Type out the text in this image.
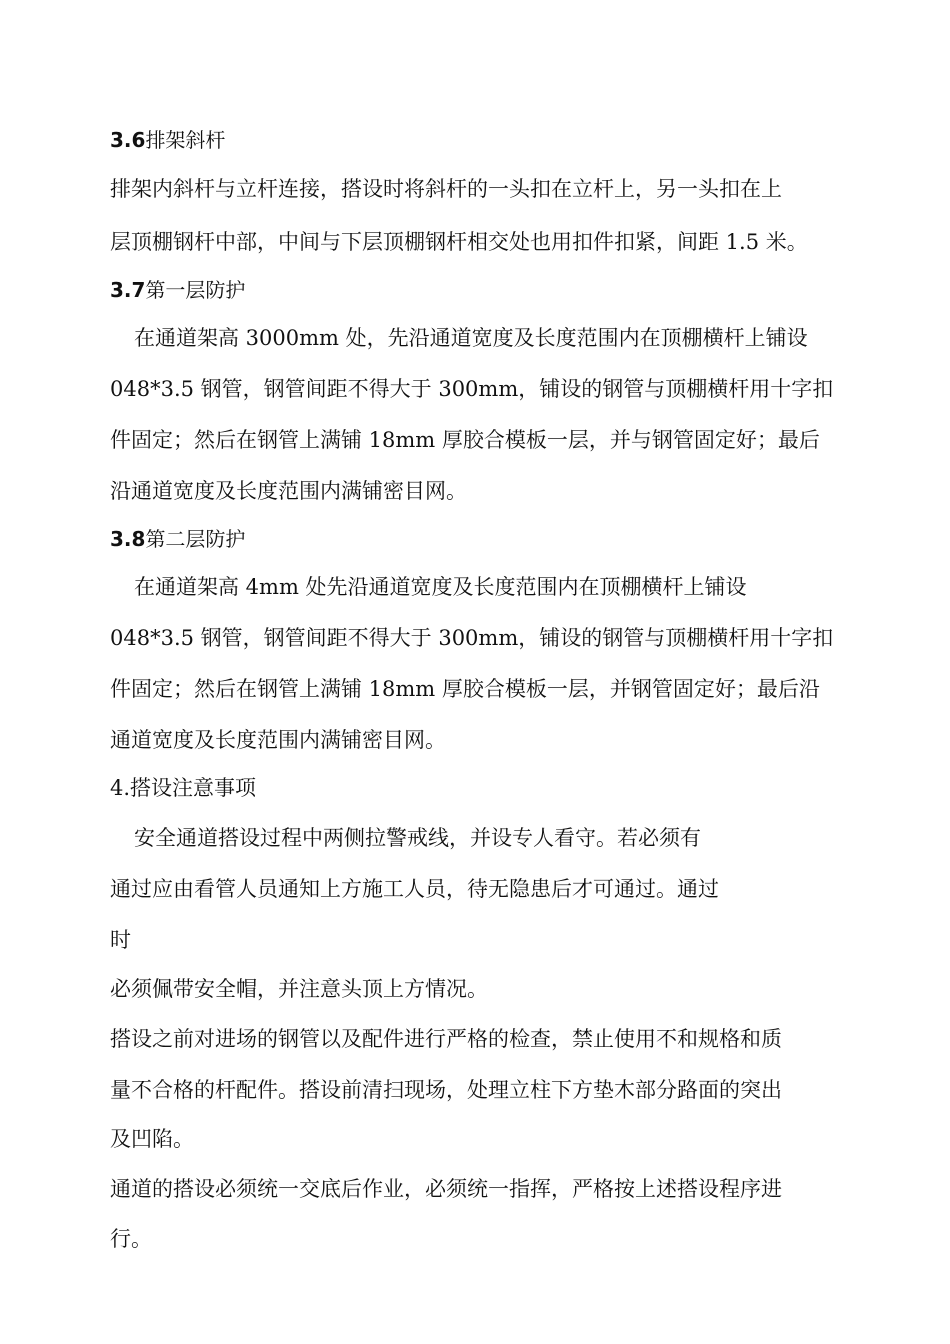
3.6排架斜杆
排架内斜杆与立杆连接，搭设时将斜杆的一头扣在立杆上，另一头扣在上
层顶棚钢杆中部，中间与下层顶棚钢杆相交处也用扣件扣紧，间距 1.5 米。
3.7第一层防护
在通道架高 3000mm 处，先沿通道宽度及长度范围内在顶棚横杆上铺设
048*3.5 钢管，钢管间距不得大于 300mm，铺设的钢管与顶棚横杆用十字扣
件固定；然后在钢管上满铺 18mm 厚胶合模板一层，并与钢管固定好；最后
沿通道宽度及长度范围内满铺密目网。
3.8第二层防护
在通道架高 4mm 处先沿通道宽度及长度范围内在顶棚横杆上铺设
048*3.5 钢管，钢管间距不得大于 300mm，铺设的钢管与顶棚横杆用十字扣
件固定；然后在钢管上满铺 18mm 厚胶合模板一层，并钢管固定好；最后沿
通道宽度及长度范围内满铺密目网。
4.搭设注意事项
安全通道搭设过程中两侧拉警戒线，并设专人看守。若必须有
通过应由看管人员通知上方施工人员，待无隐患后才可通过。通过
时
必须佩带安全帽，并注意头顶上方情况。
搭设之前对进场的钢管以及配件进行严格的检查，禁止使用不和规格和质
量不合格的杆配件。搭设前清扫现场，处理立柱下方垫木部分路面的突出
及凹陷。
通道的搭设必须统一交底后作业，必须统一指挥，严格按上述搭设程序进
行。
